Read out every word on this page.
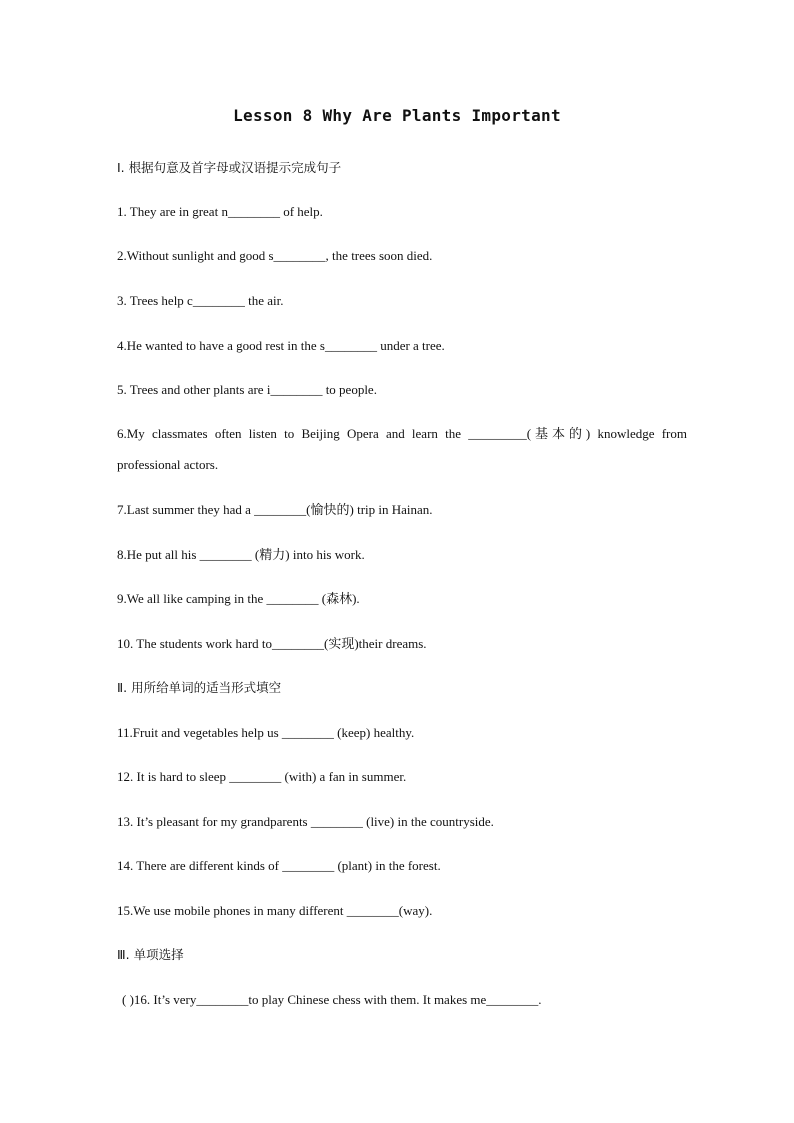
Lesson 8 Why Are Plants Important
Ⅰ. 根据句意及首字母或汉语提示完成句子
1. They are in great n________ of help.
2.Without sunlight and good s________, the trees soon died.
3. Trees help c________ the air.
4.He wanted to have a good rest in the s________ under a tree.
5. Trees and other plants are i________ to people.
6.My classmates often listen to Beijing Opera and learn the _________(基本的) knowledge from professional actors.
7.Last summer they had a ________(愉快的) trip in Hainan.
8.He put all his ________ (精力) into his work.
9.We all like camping in the ________ (森林).
10. The students work hard to________(实现)their dreams.
Ⅱ. 用所给单词的适当形式填空
11.Fruit and vegetables help us ________ (keep) healthy.
12. It is hard to sleep ________ (with) a fan in summer.
13. It’s pleasant for my grandparents ________ (live) in the countryside.
14. There are different kinds of ________ (plant) in the forest.
15.We use mobile phones in many different ________(way).
Ⅲ. 单项选择
( )16. It’s very________to play Chinese chess with them. It makes me________.
